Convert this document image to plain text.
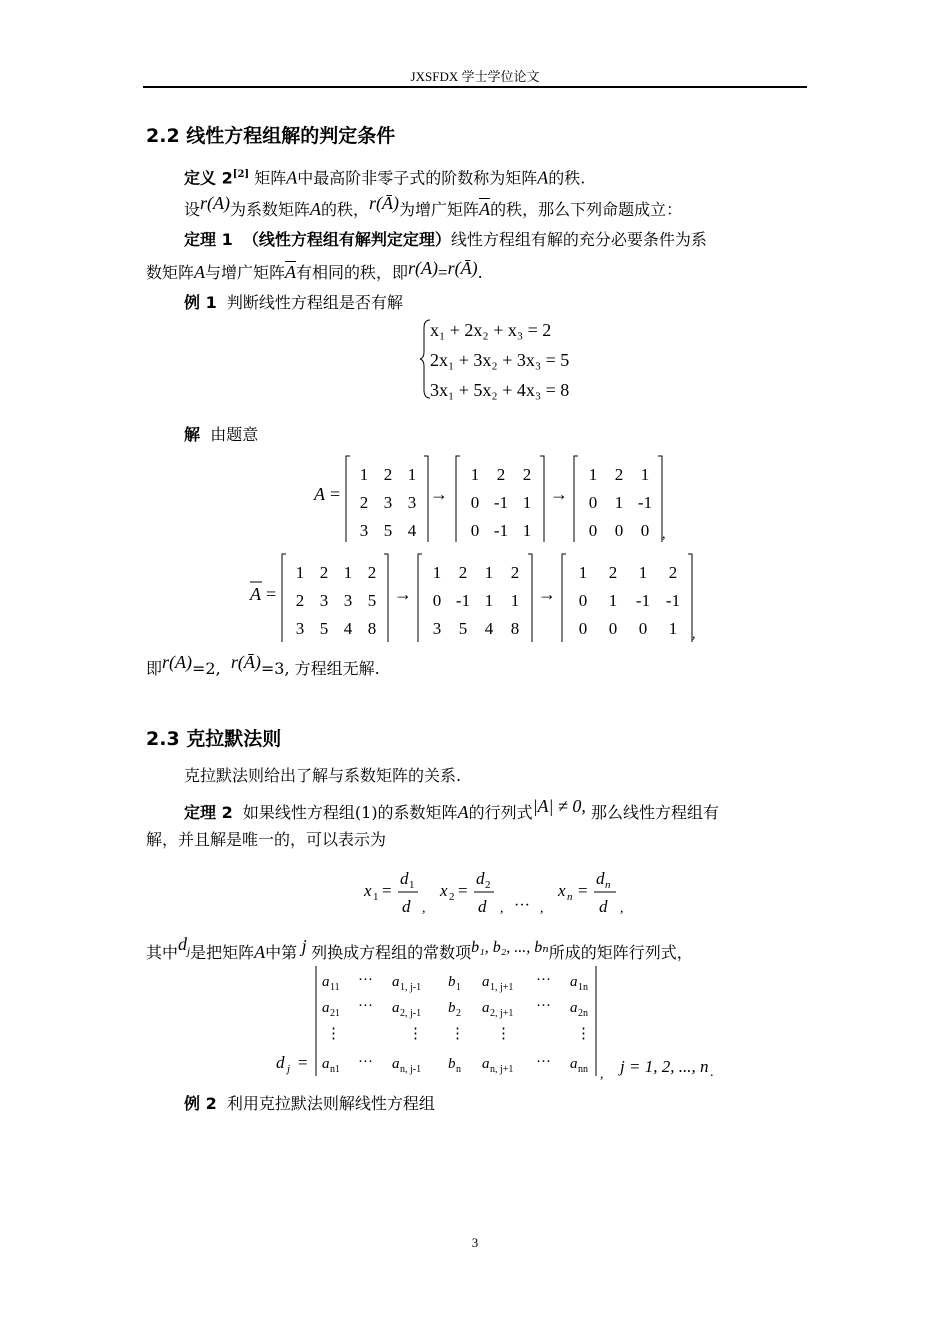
JXSFDX 学士学位论文
2.2 线性方程组解的判定条件
定义 2[2] 矩阵A中最高阶非零子式的阶数称为矩阵A的秩.
设r(A)为系数矩阵A的秩，r(Ā)为增广矩阵$\overline{A}$的秩，那么下列命题成立：
定理 1 （线性方程组有解判定定理）线性方程组有解的充分必要条件为系
数矩阵A与增广矩阵$\overline{A}$有相同的秩，即r(A)=r(Ā).
例 1 判断线性方程组是否有解
x₁ + 2x₂ + x₃ = 2
2x₁ + 3x₂ + 3x₃ = 5
3x₁ + 5x₂ + 4x₃ = 8
解 由题意
A =
1 2 1
2 3 3
3 5 4
→
1 2 2
0 -1 1
0 -1 1
→
1 2 1
0 1 -1
0 0 0 ,
A =
1 2 1 2
2 3 3 5
3 5 4 8
→
1 2 1 2
0 -1 1 1
3 5 4 8
→
1 2 1 2
0 1 -1 -1
0 0 0 1 ,
即r(A)=2, r(Ā)=3, 方程组无解.
2.3 克拉默法则
克拉默法则给出了解与系数矩阵的关系.
定理 2 如果线性方程组(1)的系数矩阵A的行列式|A| ≠ 0, 那么线性方程组有
解，并且解是唯一的，可以表示为
x 1 =
d 1
d ,
x 2 =
d 2
d , ··· ,
x n =
d n
d ,
其中$d_j$是把矩阵A中第 j 列换成方程组的常数项b₁, b₂, ..., bₙ所成的矩阵行列式，
d j =
a 11 ··· a 1, j-1 b 1 a 1, j+1 ··· a 1n
a 21 ··· a 2, j-1 b 2 a 2, j+1 ··· a 2n
⋮	⋮ ⋮ ⋮	⋮
a n1 ··· a n, j-1 b n a n, j+1 ··· a nn , j = 1, 2, ..., n .
例 2 利用克拉默法则解线性方程组
3
